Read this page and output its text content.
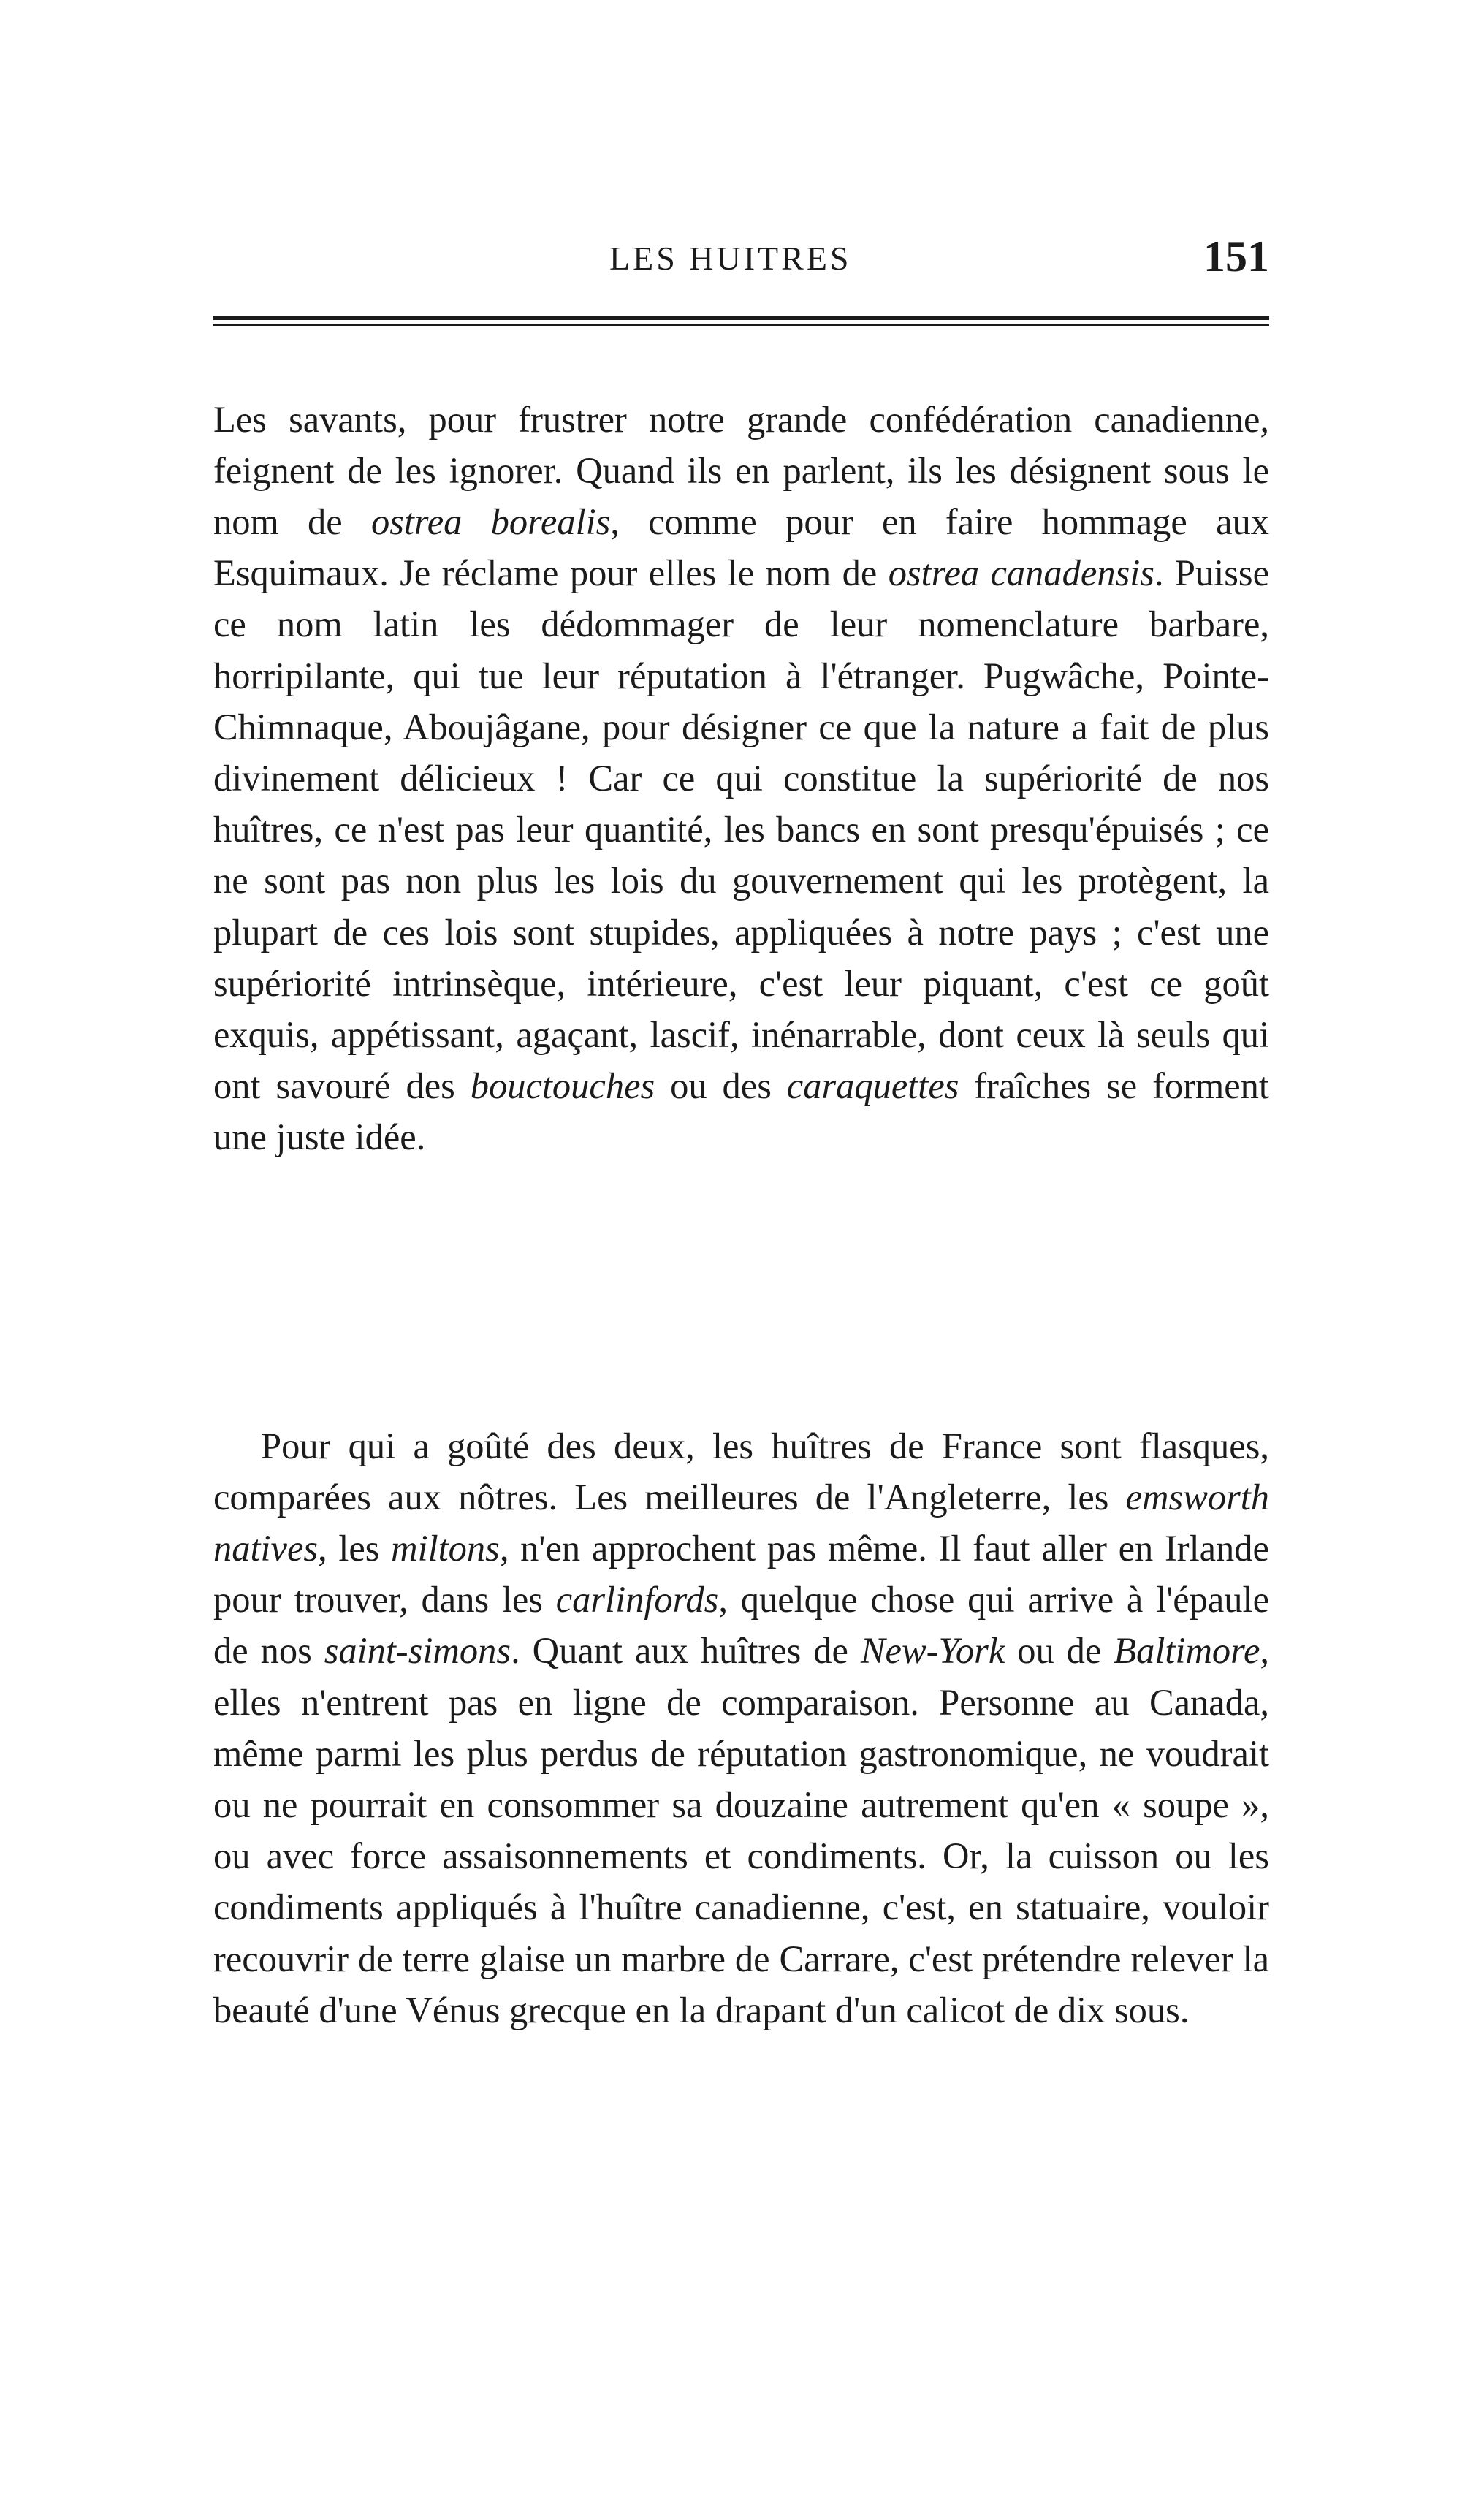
LES HUITRES	151

Les savants, pour frustrer notre grande confédération canadienne, feignent de les ignorer. Quand ils en parlent, ils les désignent sous le nom de ostrea borealis, comme pour en faire hommage aux Esquimaux. Je réclame pour elles le nom de ostrea canadensis. Puisse ce nom latin les dédommager de leur nomenclature barbare, horripilante, qui tue leur réputation à l'étranger. Pugwâche, Pointe-Chimnaque, Aboujâgane, pour désigner ce que la nature a fait de plus divinement délicieux ! Car ce qui constitue la supériorité de nos huîtres, ce n'est pas leur quantité, les bancs en sont presqu'épuisés ; ce ne sont pas non plus les lois du gouvernement qui les protègent, la plupart de ces lois sont stupides, appliquées à notre pays ; c'est une supériorité intrinsèque, intérieure, c'est leur piquant, c'est ce goût exquis, appétissant, agaçant, lascif, inénarrable, dont ceux là seuls qui ont savouré des bouctouches ou des caraquettes fraîches se forment une juste idée.

Pour qui a goûté des deux, les huîtres de France sont flasques, comparées aux nôtres. Les meilleures de l'Angleterre, les emsworth natives, les miltons, n'en approchent pas même. Il faut aller en Irlande pour trouver, dans les carlinfords, quelque chose qui arrive à l'épaule de nos saint-simons. Quant aux huîtres de New-York ou de Baltimore, elles n'entrent pas en ligne de comparaison. Personne au Canada, même parmi les plus perdus de réputation gastronomique, ne voudrait ou ne pourrait en consommer sa douzaine autrement qu'en « soupe », ou avec force assaisonnements et condiments. Or, la cuisson ou les condiments appliqués à l'huître canadienne, c'est, en statuaire, vouloir recouvrir de terre glaise un marbre de Carrare, c'est prétendre relever la beauté d'une Vénus grecque en la drapant d'un calicot de dix sous.
